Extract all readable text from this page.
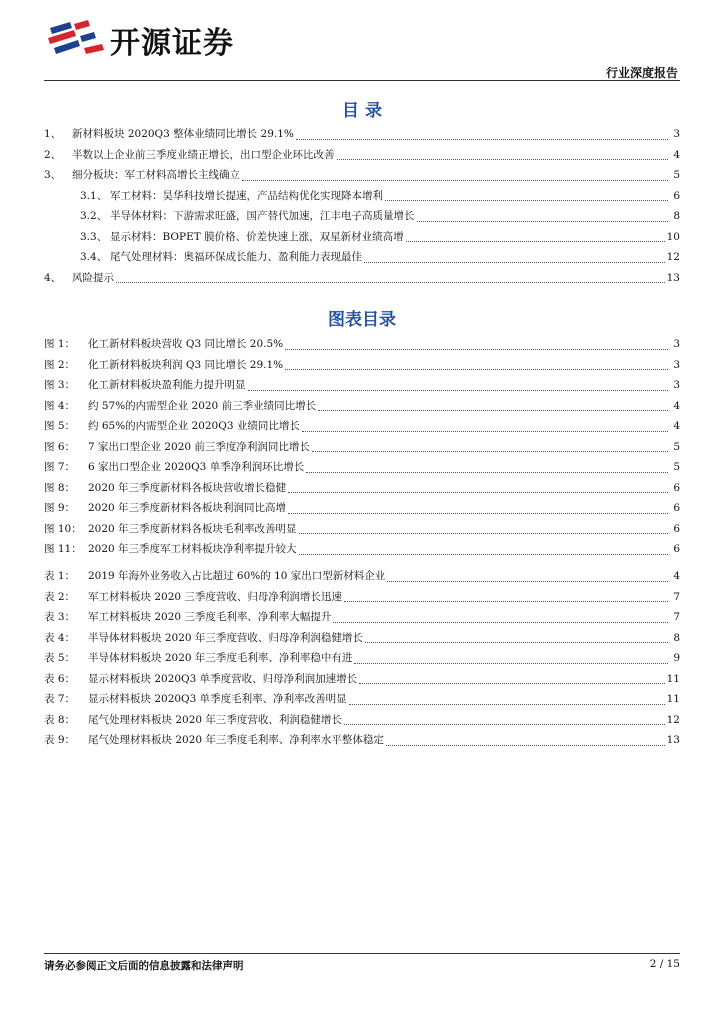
开源证券
行业深度报告
目 录
1、	新材料板块 2020Q3 整体业绩同比增长 29.1%	3
2、	半数以上企业前三季度业绩正增长，出口型企业环比改善	4
3、	细分板块：军工材料高增长主线确立	5
3.1、 军工材料：昊华科技增长提速，产品结构优化实现降本增利	6
3.2、 半导体材料：下游需求旺盛，国产替代加速，江丰电子高质量增长	8
3.3、 显示材料：BOPET 膜价格、价差快速上涨，双星新材业绩高增	10
3.4、 尾气处理材料：奥福环保成长能力、盈利能力表现最佳	12
4、	风险提示	13
图表目录
图 1：	化工新材料板块营收 Q3 同比增长 20.5%	3
图 2：	化工新材料板块利润 Q3 同比增长 29.1%	3
图 3：	化工新材料板块盈利能力提升明显	3
图 4：	约 57%的内需型企业 2020 前三季业绩同比增长	4
图 5：	约 65%的内需型企业 2020Q3 业绩同比增长	4
图 6：	7 家出口型企业 2020 前三季度净利润同比增长	5
图 7：	6 家出口型企业 2020Q3 单季净利润环比增长	5
图 8：	2020 年三季度新材料各板块营收增长稳健	6
图 9：	2020 年三季度新材料各板块利润同比高增	6
图 10： 2020 年三季度新材料各板块毛利率改善明显	6
图 11： 2020 年三季度军工材料板块净利率提升较大	6
表 1：	2019 年海外业务收入占比超过 60%的 10 家出口型新材料企业	4
表 2：	军工材料板块 2020 三季度营收、归母净利润增长迅速	7
表 3：	军工材料板块 2020 三季度毛利率、净利率大幅提升	7
表 4：	半导体材料板块 2020 年三季度营收、归母净利润稳健增长	8
表 5：	半导体材料板块 2020 年三季度毛利率、净利率稳中有进	9
表 6：	显示材料板块 2020Q3 单季度营收、归母净利润加速增长	11
表 7：	显示材料板块 2020Q3 单季度毛利率、净利率改善明显	11
表 8：	尾气处理材料板块 2020 年三季度营收、利润稳健增长	12
表 9：	尾气处理材料板块 2020 年三季度毛利率、净利率水平整体稳定	13
请务必参阅正文后面的信息披露和法律声明	2 / 15
